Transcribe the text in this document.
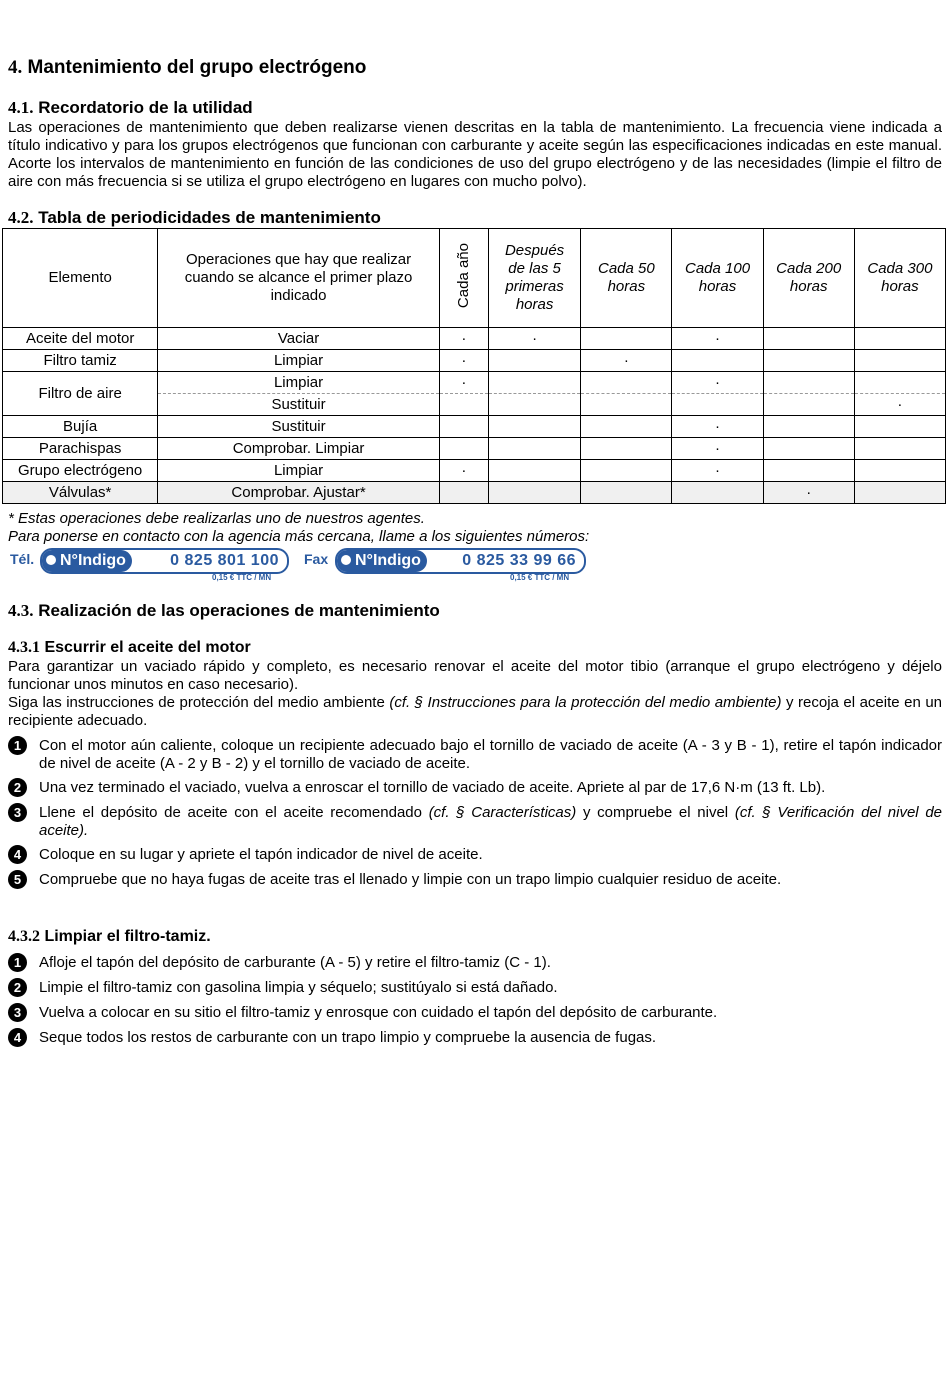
4. Mantenimiento del grupo electrógeno
4.1. Recordatorio de la utilidad

Las operaciones de mantenimiento que deben realizarse vienen descritas en la tabla de mantenimiento. La frecuencia viene indicada a título indicativo y para los grupos electrógenos que funcionan con carburante y aceite según las especificaciones indicadas en este manual. Acorte los intervalos de mantenimiento en función de las condiciones de uso del grupo electrógeno y de las necesidades (limpie el filtro de aire con más frecuencia si se utiliza el grupo electrógeno en lugares con mucho polvo).

4.2. Tabla de periodicidades de mantenimiento
Elemento	Operaciones que hay que realizar cuando se alcance el primer plazo indicado	Cada año	Después de las 5 primeras horas	Cada 50 horas	Cada 100 horas	Cada 200 horas	Cada 300 horas
Aceite del motor	Vaciar	·	·		·		
Filtro tamiz	Limpiar	·		·			
Filtro de aire	Limpiar	·			·		
	Sustituir						·
Bujía	Sustituir				·		
Parachispas	Comprobar. Limpiar				·		
Grupo electrógeno	Limpiar	·			·		
Válvulas*	Comprobar. Ajustar*					·	

* Estas operaciones debe realizarlas uno de nuestros agentes.

Para ponerse en contacto con la agencia más cercana, llame a los siguientes números:

Tél.	N°Indigo	0 825 801 100
0,15 € TTC / MN
Fax	N°Indigo	0 825 33 99 66
0,15 € TTC / MN
4.3. Realización de las operaciones de mantenimiento
4.3.1 Escurrir el aceite del motor

Para garantizar un vaciado rápido y completo, es necesario renovar el aceite del motor tibio (arranque el grupo electrógeno y déjelo funcionar unos minutos en caso necesario).

Siga las instrucciones de protección del medio ambiente (cf. § Instrucciones para la protección del medio ambiente) y recoja el aceite en un recipiente adecuado.

1	Con el motor aún caliente, coloque un recipiente adecuado bajo el tornillo de vaciado de aceite (A - 3 y B - 1), retire el tapón indicador de nivel de aceite (A - 2 y B - 2) y el tornillo de vaciado de aceite.
2	Una vez terminado el vaciado, vuelva a enroscar el tornillo de vaciado de aceite. Apriete al par de 17,6 N·m (13 ft. Lb).
3	Llene el depósito de aceite con el aceite recomendado (cf. § Características) y compruebe el nivel (cf. § Verificación del nivel de aceite).
4	Coloque en su lugar y apriete el tapón indicador de nivel de aceite.
5	Compruebe que no haya fugas de aceite tras el llenado y limpie con un trapo limpio cualquier residuo de aceite.
4.3.2 Limpiar el filtro-tamiz.
1	Afloje el tapón del depósito de carburante (A - 5) y retire el filtro-tamiz (C - 1).
2	Limpie el filtro-tamiz con gasolina limpia y séquelo; sustitúyalo si está dañado.
3	Vuelva a colocar en su sitio el filtro-tamiz y enrosque con cuidado el tapón del depósito de carburante.
4	Seque todos los restos de carburante con un trapo limpio y compruebe la ausencia de fugas.
